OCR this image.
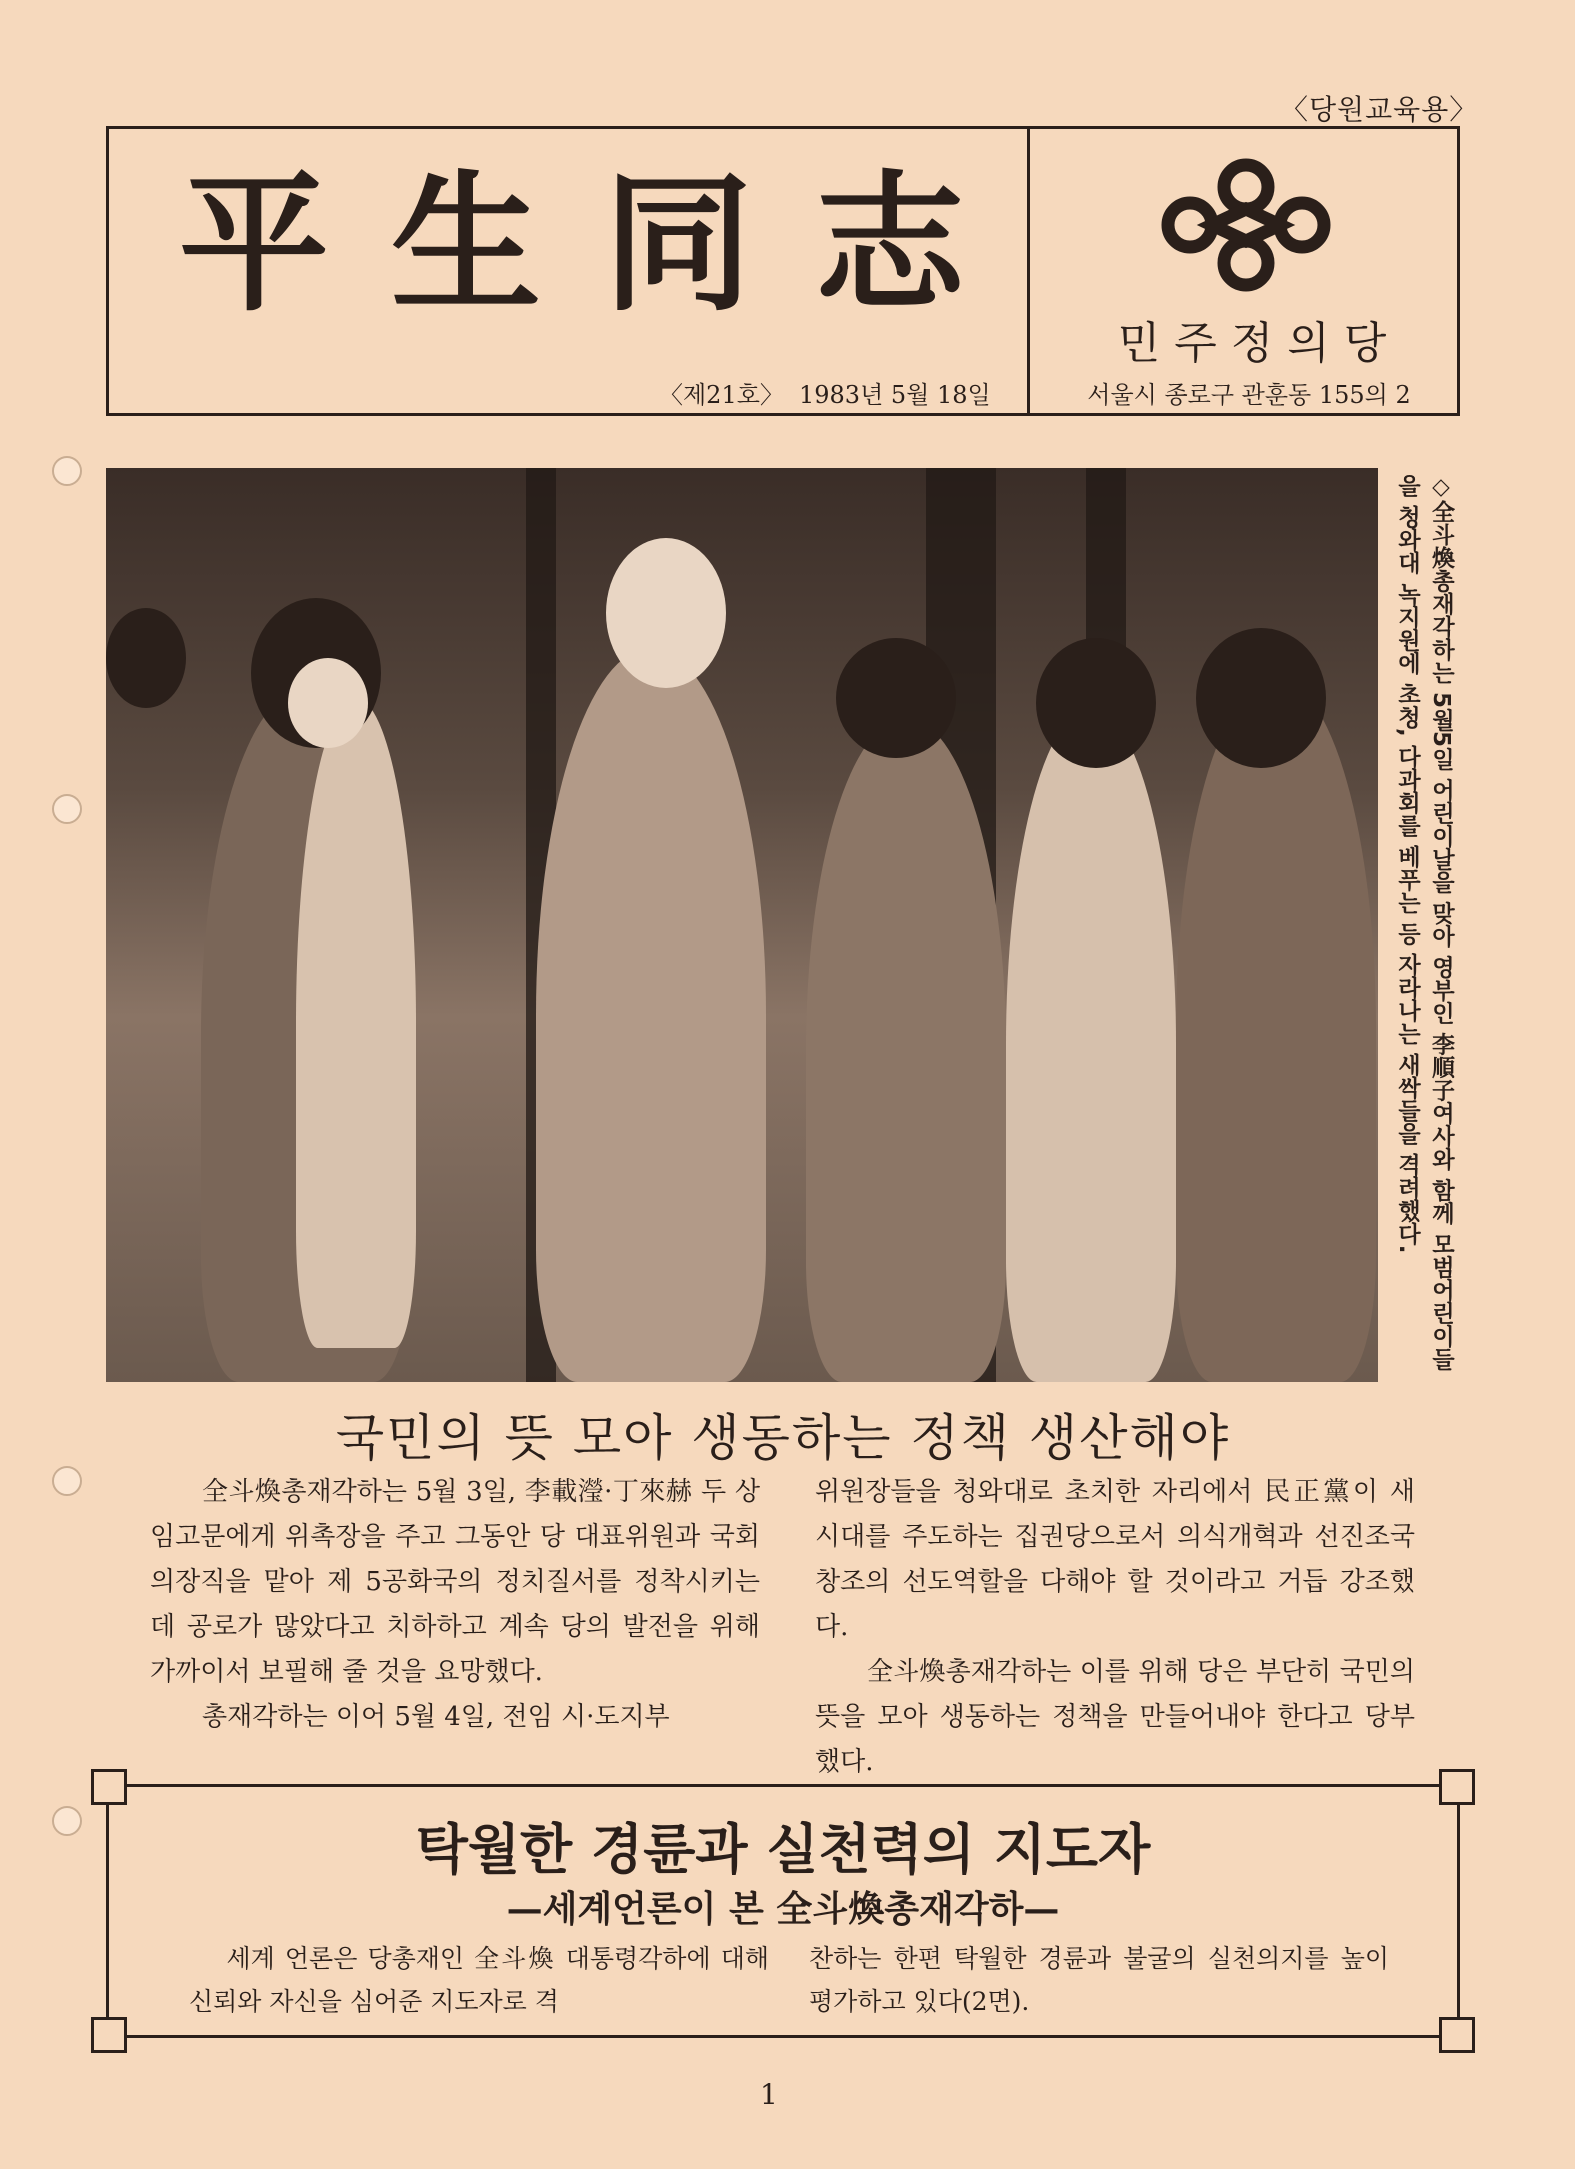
〈당원교육용〉
平生同志
〈제21호〉 1983년 5월 18일
민주정의당
서울시 종로구 관훈동 155의 2
◇全斗煥총재각하는 5월5일 어린이날을 맞아 영부인 李順子여사와 함께 모범어린이들을 청와대 녹지원에 초청, 다과회를 베푸는 등 자라나는 새싹들을 격려했다.
국민의 뜻 모아 생동하는 정책 생산해야

全斗煥총재각하는 5월 3일, 李載瀅·丁來赫 두 상임고문에게 위촉장을 주고 그동안 당 대표위원과 국회의장직을 맡아 제 5공화국의 정치질서를 정착시키는데 공로가 많았다고 치하하고 계속 당의 발전을 위해 가까이서 보필해 줄 것을 요망했다.

총재각하는 이어 5월 4일, 전임 시·도지부

위원장들을 청와대로 초치한 자리에서 民正黨이 새 시대를 주도하는 집권당으로서 의식개혁과 선진조국창조의 선도역할을 다해야 할 것이라고 거듭 강조했다.

全斗煥총재각하는 이를 위해 당은 부단히 국민의 뜻을 모아 생동하는 정책을 만들어내야 한다고 당부했다.

탁월한 경륜과 실천력의 지도자
—세계언론이 본 全斗煥총재각하—

세계 언론은 당총재인 全斗煥 대통령각하에 대해 신뢰와 자신을 심어준 지도자로 격

찬하는 한편 탁월한 경륜과 불굴의 실천의지를 높이 평가하고 있다(2면).

1
